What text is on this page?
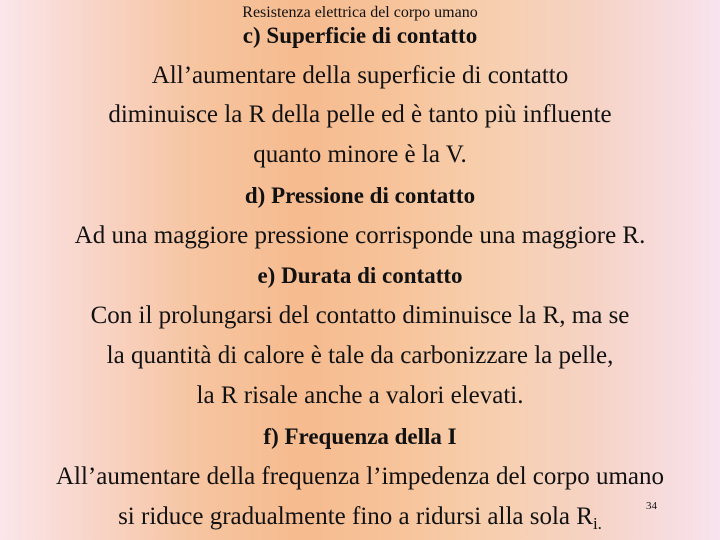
Resistenza elettrica del corpo umano
c) Superficie di contatto
All’aumentare della superficie di contatto
diminuisce la R della pelle ed è tanto più influente
quanto minore è la V.
d) Pressione di contatto
Ad una maggiore pressione corrisponde una maggiore R.
e) Durata di contatto
Con il prolungarsi del contatto diminuisce la R, ma se
la quantità di calore è tale da carbonizzare la pelle,
la R risale anche a valori elevati.
f) Frequenza della I
All’aumentare della frequenza l’impedenza del corpo umano
si riduce gradualmente fino a ridursi alla sola $R_{i.}$
34
